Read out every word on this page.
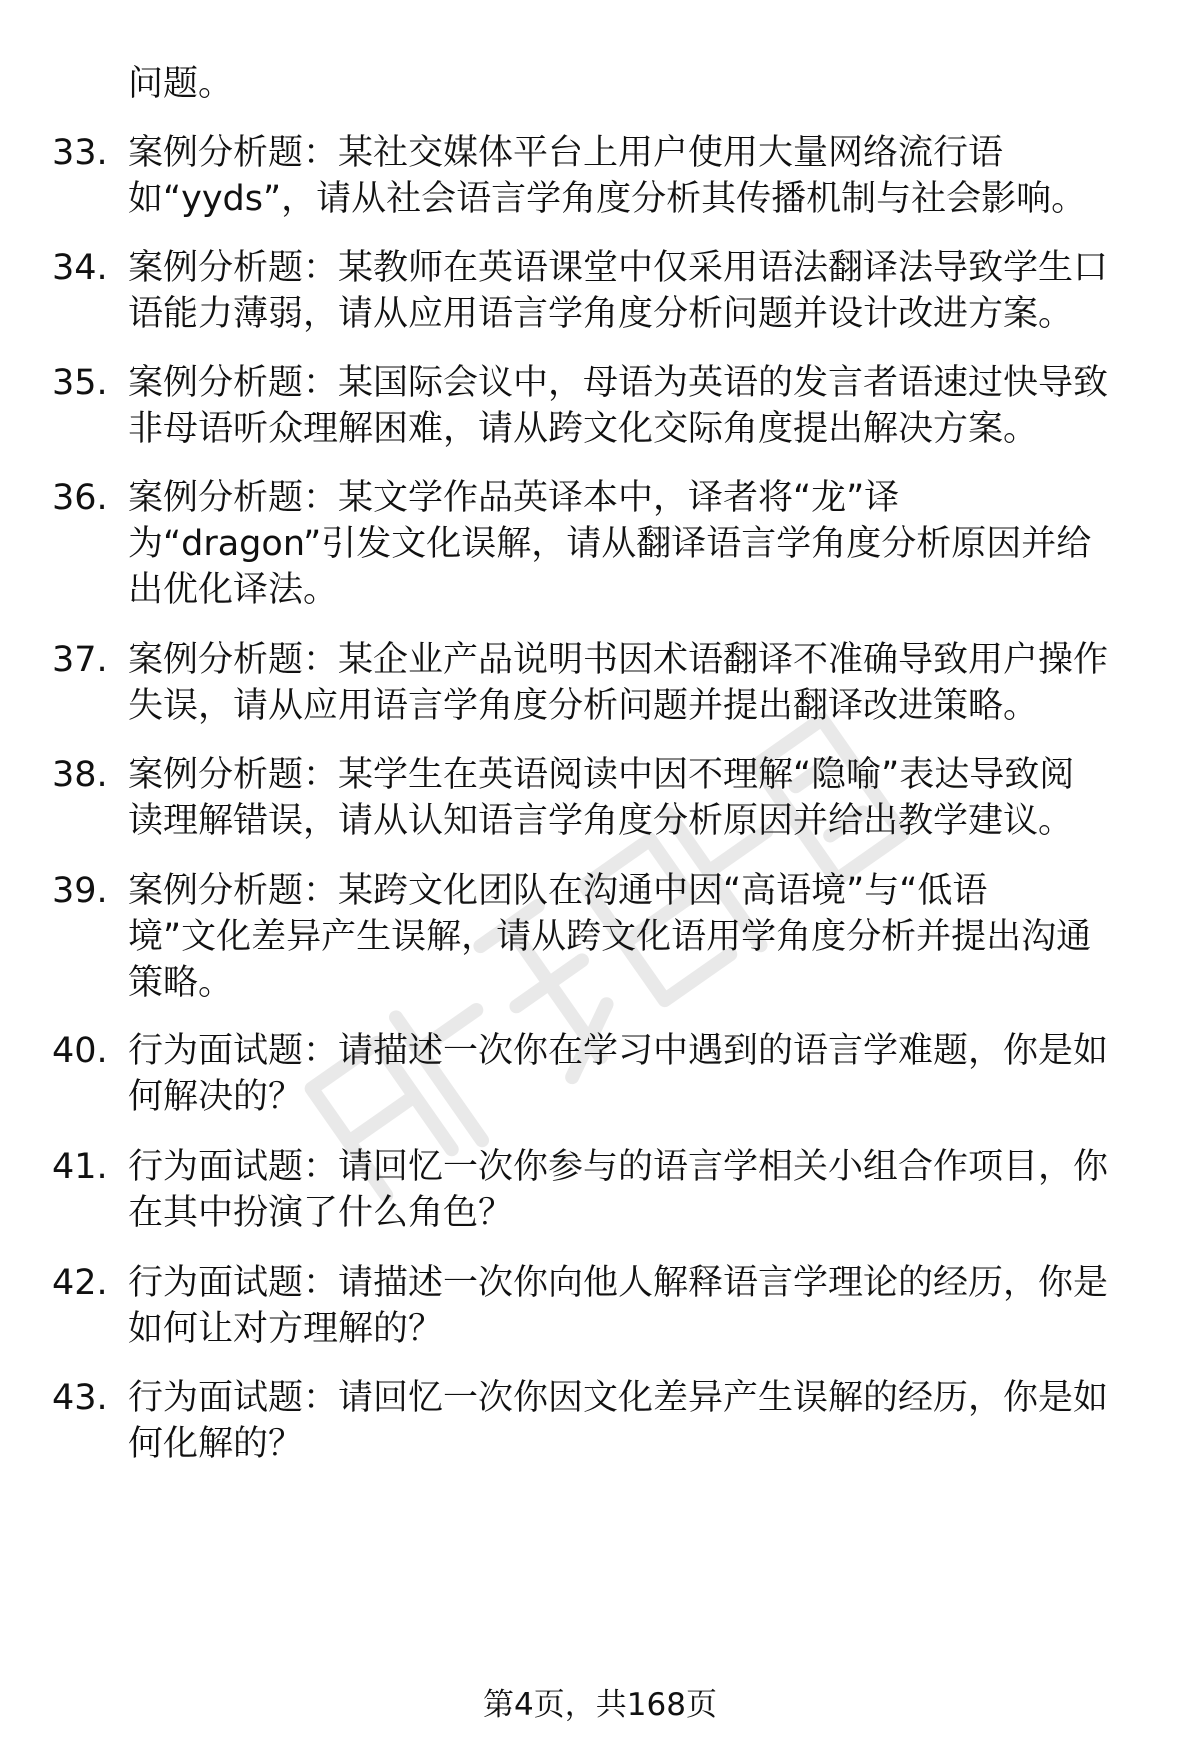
问题。
33. 案例分析题：某社交媒体平台上用户使用大量网络流行语
如“yyds”，请从社会语言学角度分析其传播机制与社会影响。
34. 案例分析题：某教师在英语课堂中仅采用语法翻译法导致学生口
语能力薄弱，请从应用语言学角度分析问题并设计改进方案。
35. 案例分析题：某国际会议中，母语为英语的发言者语速过快导致
非母语听众理解困难，请从跨文化交际角度提出解决方案。
36. 案例分析题：某文学作品英译本中，译者将“龙”译
为“dragon”引发文化误解，请从翻译语言学角度分析原因并给
出优化译法。
37. 案例分析题：某企业产品说明书因术语翻译不准确导致用户操作
失误，请从应用语言学角度分析问题并提出翻译改进策略。
38. 案例分析题：某学生在英语阅读中因不理解“隐喻”表达导致阅
读理解错误，请从认知语言学角度分析原因并给出教学建议。
39. 案例分析题：某跨文化团队在沟通中因“高语境”与“低语
境”文化差异产生误解，请从跨文化语用学角度分析并提出沟通
策略。
40. 行为面试题：请描述一次你在学习中遇到的语言学难题，你是如
何解决的？
41. 行为面试题：请回忆一次你参与的语言学相关小组合作项目，你
在其中扮演了什么角色？
42. 行为面试题：请描述一次你向他人解释语言学理论的经历，你是
如何让对方理解的？
43. 行为面试题：请回忆一次你因文化差异产生误解的经历，你是如
何化解的？
第4页，共168页
